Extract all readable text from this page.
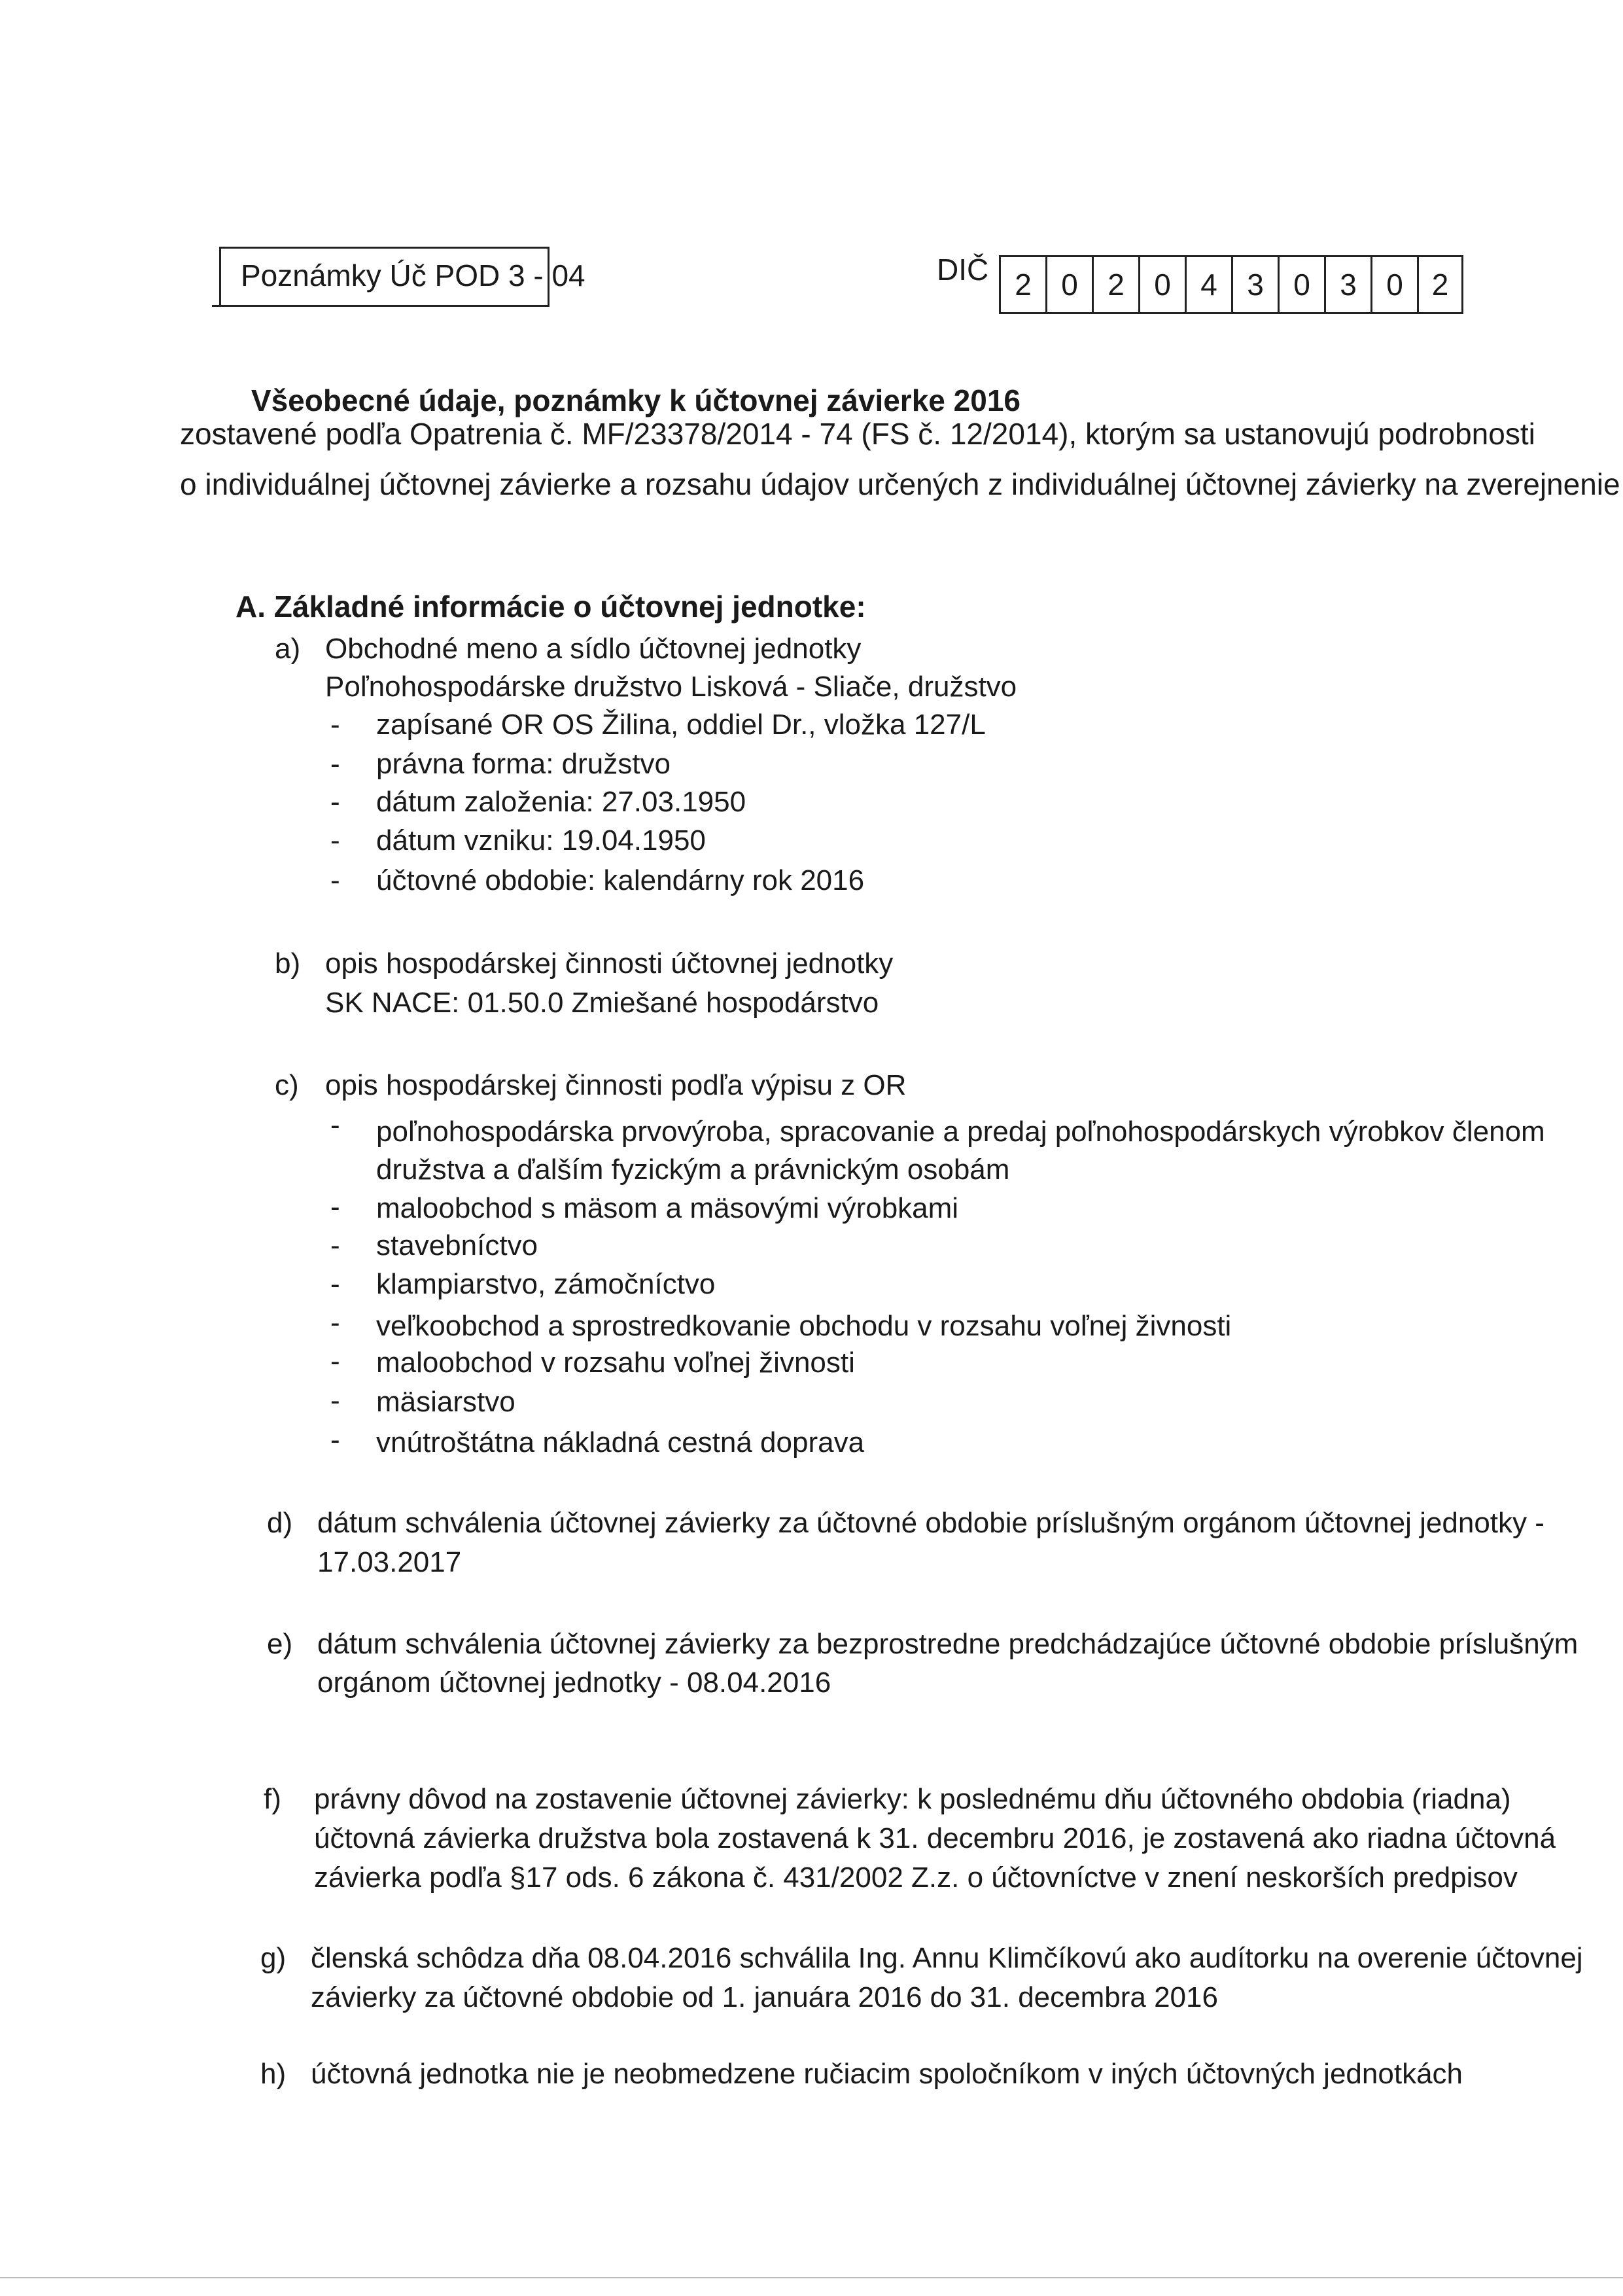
Poznámky Úč POD 3 - 04	DIČ 2 0 2 0 4 3 0 3 0 2
Všeobecné údaje, poznámky k účtovnej závierke 2016
zostavené podľa Opatrenia č. MF/23378/2014 - 74 (FS č. 12/2014), ktorým sa ustanovujú podrobnosti
o individuálnej účtovnej závierke a rozsahu údajov určených z individuálnej účtovnej závierky na zverejnenie
A. Základné informácie o účtovnej jednotke:
a) Obchodné meno a sídlo účtovnej jednotky
Poľnohospodárske družstvo Lisková - Sliače, družstvo
- zapísané OR OS Žilina, oddiel Dr., vložka 127/L
- právna forma: družstvo
- dátum založenia: 27.03.1950
- dátum vzniku: 19.04.1950
- účtovné obdobie: kalendárny rok 2016
b) opis hospodárskej činnosti účtovnej jednotky
SK NACE: 01.50.0 Zmiešané hospodárstvo
c) opis hospodárskej činnosti podľa výpisu z OR
- poľnohospodárska prvovýroba, spracovanie a predaj poľnohospodárskych výrobkov členom
družstva a ďalším fyzickým a právnickým osobám
- maloobchod s mäsom a mäsovými výrobkami
- stavebníctvo
- klampiarstvo, zámočníctvo
- veľkoobchod a sprostredkovanie obchodu v rozsahu voľnej živnosti
- maloobchod v rozsahu voľnej živnosti
- mäsiarstvo
- vnútroštátna nákladná cestná doprava
d) dátum schválenia účtovnej závierky za účtovné obdobie príslušným orgánom účtovnej jednotky -
17.03.2017
e) dátum schválenia účtovnej závierky za bezprostredne predchádzajúce účtovné obdobie príslušným
orgánom účtovnej jednotky - 08.04.2016
f) právny dôvod na zostavenie účtovnej závierky: k poslednému dňu účtovného obdobia (riadna)
účtovná závierka družstva bola zostavená k 31. decembru 2016, je zostavená ako riadna účtovná
závierka podľa §17 ods. 6 zákona č. 431/2002 Z.z. o účtovníctve v znení neskorších predpisov
g) členská schôdza dňa 08.04.2016 schválila Ing. Annu Klimčíkovú ako audítorku na overenie účtovnej
závierky za účtovné obdobie od 1. januára 2016 do 31. decembra 2016
h) účtovná jednotka nie je neobmedzene ručiacim spoločníkom v iných účtovných jednotkách
